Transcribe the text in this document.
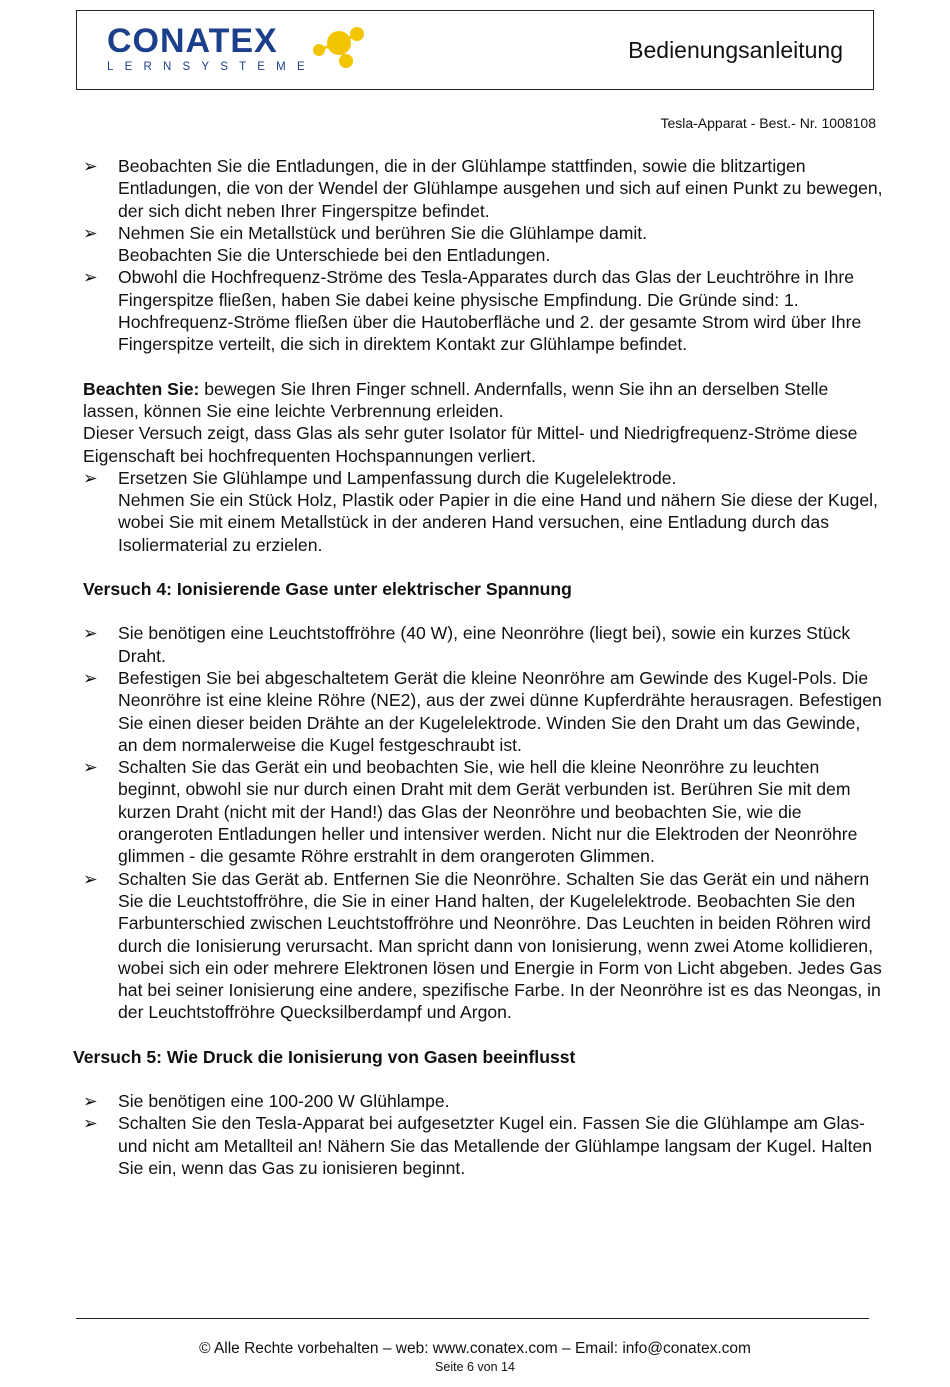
CONATEX
LERNSYSTEME
Bedienungsanleitung
Tesla-Apparat - Best.- Nr. 1008108
➢ Beobachten Sie die Entladungen, die in der Glühlampe stattfinden, sowie die blitzartigen Entladungen, die von der Wendel der Glühlampe ausgehen und sich auf einen Punkt zu bewegen, der sich dicht neben Ihrer Fingerspitze befindet.
➢ Nehmen Sie ein Metallstück und berühren Sie die Glühlampe damit.
Beobachten Sie die Unterschiede bei den Entladungen.
➢ Obwohl die Hochfrequenz-Ströme des Tesla-Apparates durch das Glas der Leuchtröhre in Ihre Fingerspitze fließen, haben Sie dabei keine physische Empfindung. Die Gründe sind: 1. Hochfrequenz-Ströme fließen über die Hautoberfläche und 2. der gesamte Strom wird über Ihre Fingerspitze verteilt, die sich in direktem Kontakt zur Glühlampe befindet.
Beachten Sie: bewegen Sie Ihren Finger schnell. Andernfalls, wenn Sie ihn an derselben Stelle lassen, können Sie eine leichte Verbrennung erleiden.
Dieser Versuch zeigt, dass Glas als sehr guter Isolator für Mittel- und Niedrigfrequenz-Ströme diese Eigenschaft bei hochfrequenten Hochspannungen verliert.
➢ Ersetzen Sie Glühlampe und Lampenfassung durch die Kugelelektrode.
Nehmen Sie ein Stück Holz, Plastik oder Papier in die eine Hand und nähern Sie diese der Kugel, wobei Sie mit einem Metallstück in der anderen Hand versuchen, eine Entladung durch das Isoliermaterial zu erzielen.
Versuch 4: Ionisierende Gase unter elektrischer Spannung
➢ Sie benötigen eine Leuchtstoffröhre (40 W), eine Neonröhre (liegt bei), sowie ein kurzes Stück Draht.
➢ Befestigen Sie bei abgeschaltetem Gerät die kleine Neonröhre am Gewinde des Kugel-Pols. Die Neonröhre ist eine kleine Röhre (NE2), aus der zwei dünne Kupferdrähte herausragen. Befestigen Sie einen dieser beiden Drähte an der Kugelelektrode. Winden Sie den Draht um das Gewinde, an dem normalerweise die Kugel festgeschraubt ist.
➢ Schalten Sie das Gerät ein und beobachten Sie, wie hell die kleine Neonröhre zu leuchten beginnt, obwohl sie nur durch einen Draht mit dem Gerät verbunden ist. Berühren Sie mit dem kurzen Draht (nicht mit der Hand!) das Glas der Neonröhre und beobachten Sie, wie die orangeroten Entladungen heller und intensiver werden. Nicht nur die Elektroden der Neonröhre glimmen - die gesamte Röhre erstrahlt in dem orangeroten Glimmen.
➢ Schalten Sie das Gerät ab. Entfernen Sie die Neonröhre. Schalten Sie das Gerät ein und nähern Sie die Leuchtstoffröhre, die Sie in einer Hand halten, der Kugelelektrode. Beobachten Sie den Farbunterschied zwischen Leuchtstoffröhre und Neonröhre. Das Leuchten in beiden Röhren wird durch die Ionisierung verursacht. Man spricht dann von Ionisierung, wenn zwei Atome kollidieren, wobei sich ein oder mehrere Elektronen lösen und Energie in Form von Licht abgeben. Jedes Gas hat bei seiner Ionisierung eine andere, spezifische Farbe. In der Neonröhre ist es das Neongas, in der Leuchtstoffröhre Quecksilberdampf und Argon.
Versuch 5: Wie Druck die Ionisierung von Gasen beeinflusst
➢ Sie benötigen eine 100-200 W Glühlampe.
➢ Schalten Sie den Tesla-Apparat bei aufgesetzter Kugel ein. Fassen Sie die Glühlampe am Glas- und nicht am Metallteil an! Nähern Sie das Metallende der Glühlampe langsam der Kugel. Halten Sie ein, wenn das Gas zu ionisieren beginnt.
© Alle Rechte vorbehalten – web: www.conatex.com – Email: info@conatex.com
Seite 6 von 14
